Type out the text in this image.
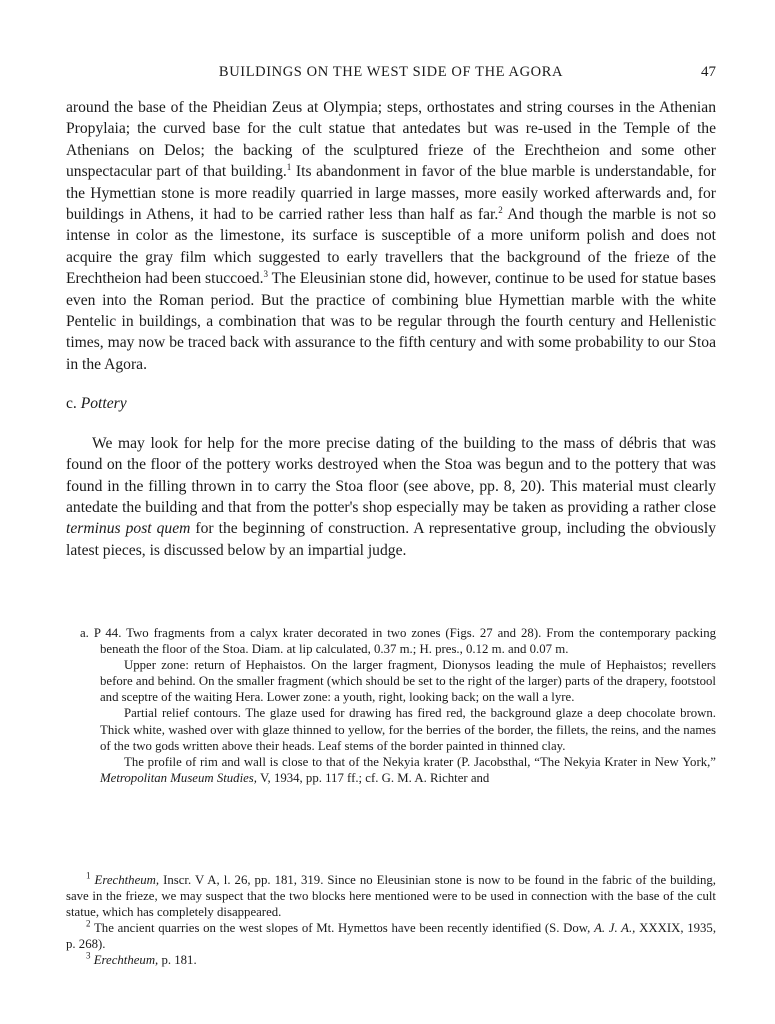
BUILDINGS ON THE WEST SIDE OF THE AGORA	47

around the base of the Pheidian Zeus at Olympia; steps, orthostates and string courses in the Athenian Propylaia; the curved base for the cult statue that antedates but was re-used in the Temple of the Athenians on Delos; the backing of the sculptured frieze of the Erechtheion and some other unspectacular part of that building.$^1$ Its abandonment in favor of the blue marble is understandable, for the Hymettian stone is more readily quarried in large masses, more easily worked afterwards and, for buildings in Athens, it had to be carried rather less than half as far.$^2$ And though the marble is not so intense in color as the limestone, its surface is susceptible of a more uniform polish and does not acquire the gray film which suggested to early travellers that the background of the frieze of the Erechtheion had been stuccoed.$^3$ The Eleusinian stone did, however, continue to be used for statue bases even into the Roman period. But the practice of combining blue Hymettian marble with the white Pentelic in buildings, a combination that was to be regular through the fourth century and Hellenistic times, may now be traced back with assurance to the fifth century and with some probability to our Stoa in the Agora.

c. Pottery

We may look for help for the more precise dating of the building to the mass of débris that was found on the floor of the pottery works destroyed when the Stoa was begun and to the pottery that was found in the filling thrown in to carry the Stoa floor (see above, pp. 8, 20). This material must clearly antedate the building and that from the potter's shop especially may be taken as providing a rather close terminus post quem for the beginning of construction. A representative group, including the obviously latest pieces, is discussed below by an impartial judge.

a. P 44. Two fragments from a calyx krater decorated in two zones (Figs. 27 and 28). From the contemporary packing beneath the floor of the Stoa. Diam. at lip calculated, 0.37 m.; H. pres., 0.12 m. and 0.07 m.

Upper zone: return of Hephaistos. On the larger fragment, Dionysos leading the mule of Hephaistos; revellers before and behind. On the smaller fragment (which should be set to the right of the larger) parts of the drapery, footstool and sceptre of the waiting Hera. Lower zone: a youth, right, looking back; on the wall a lyre.

Partial relief contours. The glaze used for drawing has fired red, the background glaze a deep chocolate brown. Thick white, washed over with glaze thinned to yellow, for the berries of the border, the fillets, the reins, and the names of the two gods written above their heads. Leaf stems of the border painted in thinned clay.

The profile of rim and wall is close to that of the Nekyia krater (P. Jacobsthal, “The Nekyia Krater in New York,” Metropolitan Museum Studies, V, 1934, pp. 117 ff.; cf. G. M. A. Richter and

$^1$ Erechtheum, Inscr. V A, l. 26, pp. 181, 319. Since no Eleusinian stone is now to be found in the fabric of the building, save in the frieze, we may suspect that the two blocks here mentioned were to be used in connection with the base of the cult statue, which has completely disappeared.

$^2$ The ancient quarries on the west slopes of Mt. Hymettos have been recently identified (S. Dow, A. J. A., XXXIX, 1935, p. 268).

$^3$ Erechtheum, p. 181.
